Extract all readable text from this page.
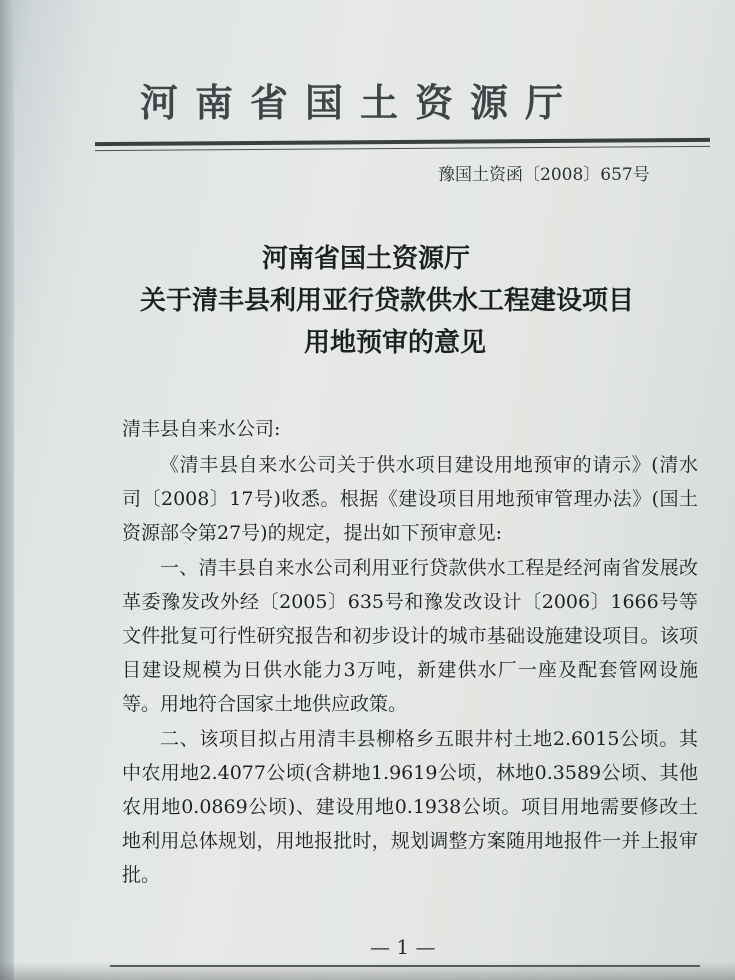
河南省国土资源厅
豫国土资函〔2008〕657号
河南省国土资源厅
关于清丰县利用亚行贷款供水工程建设项目
用地预审的意见
清丰县自来水公司:

《清丰县自来水公司关于供水项目建设用地预审的请示》(清水司〔2008〕17号)收悉。根据《建设项目用地预审管理办法》(国土资源部令第27号)的规定，提出如下预审意见:

一、清丰县自来水公司利用亚行贷款供水工程是经河南省发展改革委豫发改外经〔2005〕635号和豫发改设计〔2006〕1666号等文件批复可行性研究报告和初步设计的城市基础设施建设项目。该项目建设规模为日供水能力3万吨，新建供水厂一座及配套管网设施等。用地符合国家土地供应政策。

二、该项目拟占用清丰县柳格乡五眼井村土地2.6015公顷。其中农用地2.4077公顷(含耕地1.9619公顷，林地0.3589公顷、其他农用地0.0869公顷)、建设用地0.1938公顷。项目用地需要修改土地利用总体规划，用地报批时，规划调整方案随用地报件一并上报审批。

— 1 —
